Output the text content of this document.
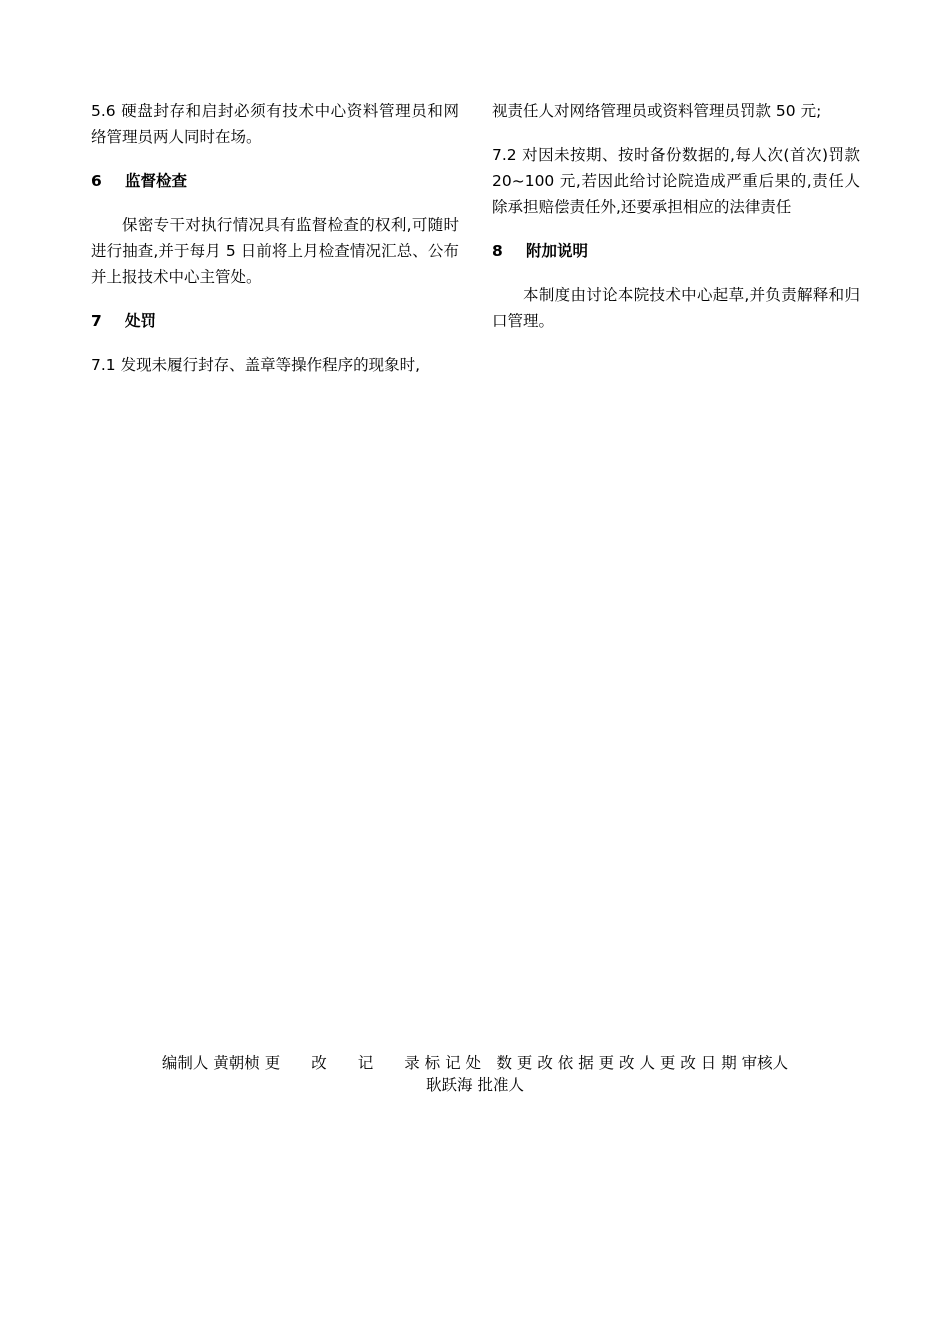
5.6 硬盘封存和启封必须有技术中心资料管理员和网络管理员两人同时在场。

6 监督检查

保密专干对执行情况具有监督检查的权利,可随时进行抽查,并于每月 5 日前将上月检查情况汇总、公布并上报技术中心主管处。

7 处罚

7.1 发现未履行封存、盖章等操作程序的现象时,

视责任人对网络管理员或资料管理员罚款 50 元;

7.2 对因未按期、按时备份数据的,每人次(首次)罚款 20~100 元,若因此给讨论院造成严重后果的,责任人除承担赔偿责任外,还要承担相应的法律责任

8 附加说明

本制度由讨论本院技术中心起草,并负责解释和归口管理。

编制人 黄朝桢 更　　改　　记　　录 标 记 处　数 更 改 依 据 更 改 人 更 改 日 期 审核人
耿跃海 批准人
